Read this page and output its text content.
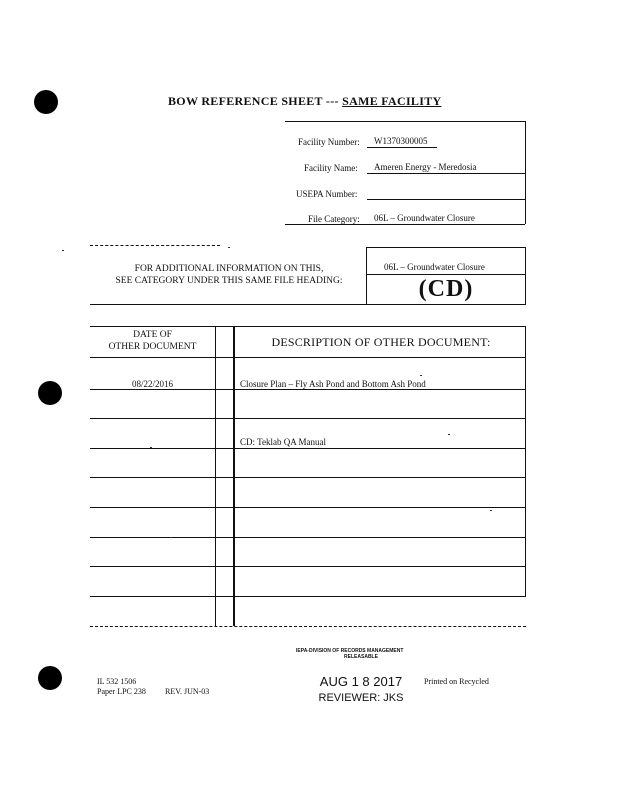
BOW REFERENCE SHEET --- SAME FACILITY
Facility Number: W1370300005
Facility Name: Ameren Energy - Meredosia
USEPA Number:
File Category: 06L – Groundwater Closure
FOR ADDITIONAL INFORMATION ON THIS,
SEE CATEGORY UNDER THIS SAME FILE HEADING:
06L – Groundwater Closure
(CD)
DATE OF
OTHER DOCUMENT	DESCRIPTION OF OTHER DOCUMENT:
08/22/2016	Closure Plan – Fly Ash Pond and Bottom Ash Pond
CD: Teklab QA Manual
IL 532 1506
Paper LPC 238 REV. JUN-03
IEPA-DIVISION OF RECORDS MANAGEMENT
RELEASABLE
AUG 1 8 2017
REVIEWER: JKS
Printed on Recycled
